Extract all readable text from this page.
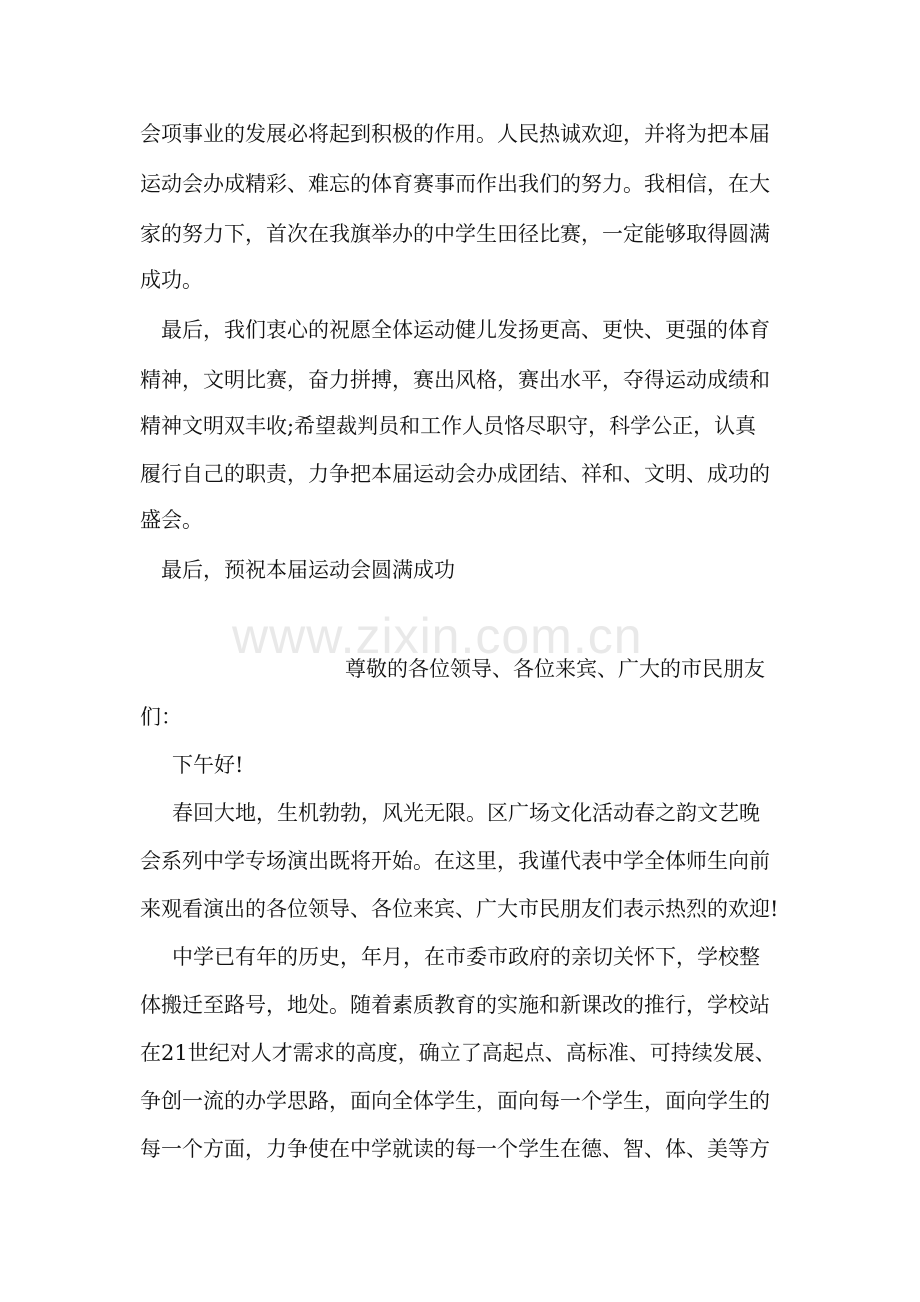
www.zixin.com.cn
会项事业的发展必将起到积极的作用。人民热诚欢迎，并将为把本届
运动会办成精彩、难忘的体育赛事而作出我们的努力。我相信，在大
家的努力下，首次在我旗举办的中学生田径比赛，一定能够取得圆满
成功。
最后，我们衷心的祝愿全体运动健儿发扬更高、更快、更强的体育
精神，文明比赛，奋力拼搏，赛出风格，赛出水平，夺得运动成绩和
精神文明双丰收;希望裁判员和工作人员恪尽职守，科学公正，认真
履行自己的职责，力争把本届运动会办成团结、祥和、文明、成功的
盛会。
最后，预祝本届运动会圆满成功
尊敬的各位领导、各位来宾、广大的市民朋友
们：
下午好!
春回大地，生机勃勃，风光无限。区广场文化活动春之韵文艺晚
会系列中学专场演出既将开始。在这里，我谨代表中学全体师生向前
来观看演出的各位领导、各位来宾、广大市民朋友们表示热烈的欢迎!
中学已有年的历史，年月，在市委市政府的亲切关怀下，学校整
体搬迁至路号，地处。随着素质教育的实施和新课改的推行，学校站
在21世纪对人才需求的高度，确立了高起点、高标准、可持续发展、
争创一流的办学思路，面向全体学生，面向每一个学生，面向学生的
每一个方面，力争使在中学就读的每一个学生在德、智、体、美等方
